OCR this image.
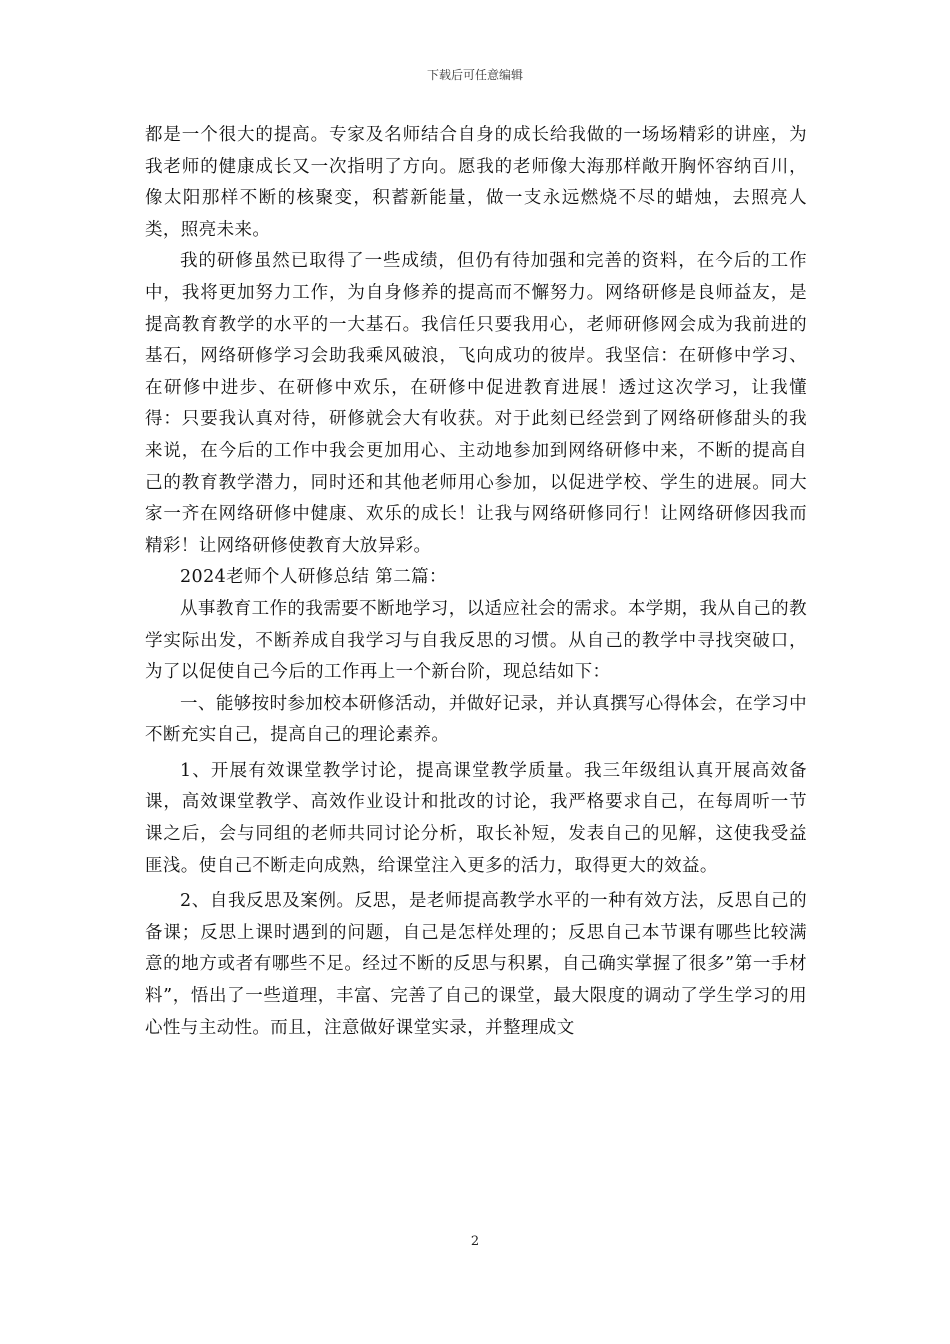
下载后可任意编辑

都是一个很大的提高。专家及名师结合自身的成长给我做的一场场精彩的讲座，为我老师的健康成长又一次指明了方向。愿我的老师像大海那样敞开胸怀容纳百川，像太阳那样不断的核聚变，积蓄新能量，做一支永远燃烧不尽的蜡烛，去照亮人类，照亮未来。

我的研修虽然已取得了一些成绩，但仍有待加强和完善的资料，在今后的工作中，我将更加努力工作，为自身修养的提高而不懈努力。网络研修是良师益友，是提高教育教学的水平的一大基石。我信任只要我用心，老师研修网会成为我前进的基石，网络研修学习会助我乘风破浪，飞向成功的彼岸。我坚信：在研修中学习、在研修中进步、在研修中欢乐，在研修中促进教育进展！透过这次学习，让我懂得：只要我认真对待，研修就会大有收获。对于此刻已经尝到了网络研修甜头的我来说，在今后的工作中我会更加用心、主动地参加到网络研修中来，不断的提高自己的教育教学潜力，同时还和其他老师用心参加，以促进学校、学生的进展。同大家一齐在网络研修中健康、欢乐的成长！让我与网络研修同行！让网络研修因我而精彩！让网络研修使教育大放异彩。

2024老师个人研修总结 第二篇：

从事教育工作的我需要不断地学习，以适应社会的需求。本学期，我从自己的教学实际出发，不断养成自我学习与自我反思的习惯。从自己的教学中寻找突破口，为了以促使自己今后的工作再上一个新台阶，现总结如下：

一、能够按时参加校本研修活动，并做好记录，并认真撰写心得体会，在学习中不断充实自己，提高自己的理论素养。

1、开展有效课堂教学讨论，提高课堂教学质量。我三年级组认真开展高效备课，高效课堂教学、高效作业设计和批改的讨论，我严格要求自己，在每周听一节课之后，会与同组的老师共同讨论分析，取长补短，发表自己的见解，这使我受益匪浅。使自己不断走向成熟，给课堂注入更多的活力，取得更大的效益。

2、自我反思及案例。反思，是老师提高教学水平的一种有效方法，反思自己的备课；反思上课时遇到的问题，自己是怎样处理的；反思自己本节课有哪些比较满意的地方或者有哪些不足。经过不断的反思与积累，自己确实掌握了很多”第一手材料”，悟出了一些道理，丰富、完善了自己的课堂，最大限度的调动了学生学习的用心性与主动性。而且，注意做好课堂实录，并整理成文

2
